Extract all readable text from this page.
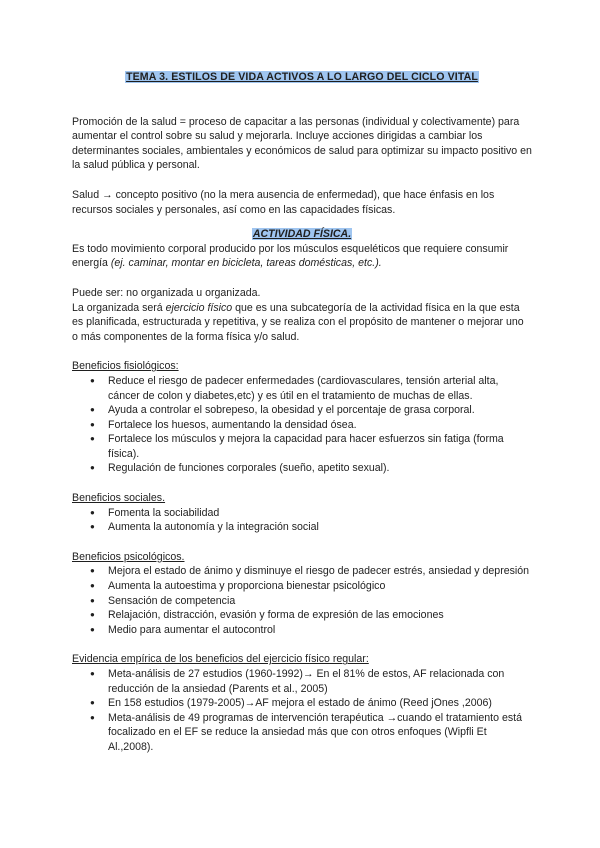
TEMA 3. ESTILOS DE VIDA ACTIVOS A LO LARGO DEL CICLO VITAL

Promoción de la salud = proceso de capacitar a las personas (individual y colectivamente) para aumentar el control sobre su salud y mejorarla. Incluye acciones dirigidas a cambiar los determinantes sociales, ambientales y económicos de salud para optimizar su impacto positivo en la salud pública y personal.

Salud → concepto positivo (no la mera ausencia de enfermedad), que hace énfasis en los recursos sociales y personales, así como en las capacidades físicas.

ACTIVIDAD FÍSICA.

Es todo movimiento corporal producido por los músculos esqueléticos que requiere consumir energía (ej. caminar, montar en bicicleta, tareas domésticas, etc.).

Puede ser: no organizada u organizada.

La organizada será ejercicio físico que es una subcategoría de la actividad física en la que esta es planificada, estructurada y repetitiva, y se realiza con el propósito de mantener o mejorar uno o más componentes de la forma física y/o salud.

Beneficios fisiológicos:

● Reduce el riesgo de padecer enfermedades (cardiovasculares, tensión arterial alta, cáncer de colon y diabetes,etc) y es útil en el tratamiento de muchas de ellas.
● Ayuda a controlar el sobrepeso, la obesidad y el porcentaje de grasa corporal.
● Fortalece los huesos, aumentando la densidad ósea.
● Fortalece los músculos y mejora la capacidad para hacer esfuerzos sin fatiga (forma física).
● Regulación de funciones corporales (sueño, apetito sexual).

Beneficios sociales.

● Fomenta la sociabilidad
● Aumenta la autonomía y la integración social

Beneficios psicológicos.

● Mejora el estado de ánimo y disminuye el riesgo de padecer estrés, ansiedad y depresión
● Aumenta la autoestima y proporciona bienestar psicológico
● Sensación de competencia
● Relajación, distracción, evasión y forma de expresión de las emociones
● Medio para aumentar el autocontrol

Evidencia empírica de los beneficios del ejercicio físico regular:

● Meta-análisis de 27 estudios (1960-1992)→ En el 81% de estos, AF relacionada con reducción de la ansiedad (Parents et al., 2005)
● En 158 estudios (1979-2005)→AF mejora el estado de ánimo (Reed jOnes ,2006)
● Meta-análisis de 49 programas de intervención terapéutica →cuando el tratamiento está focalizado en el EF se reduce la ansiedad más que con otros enfoques (Wipfli Et Al.,2008).
